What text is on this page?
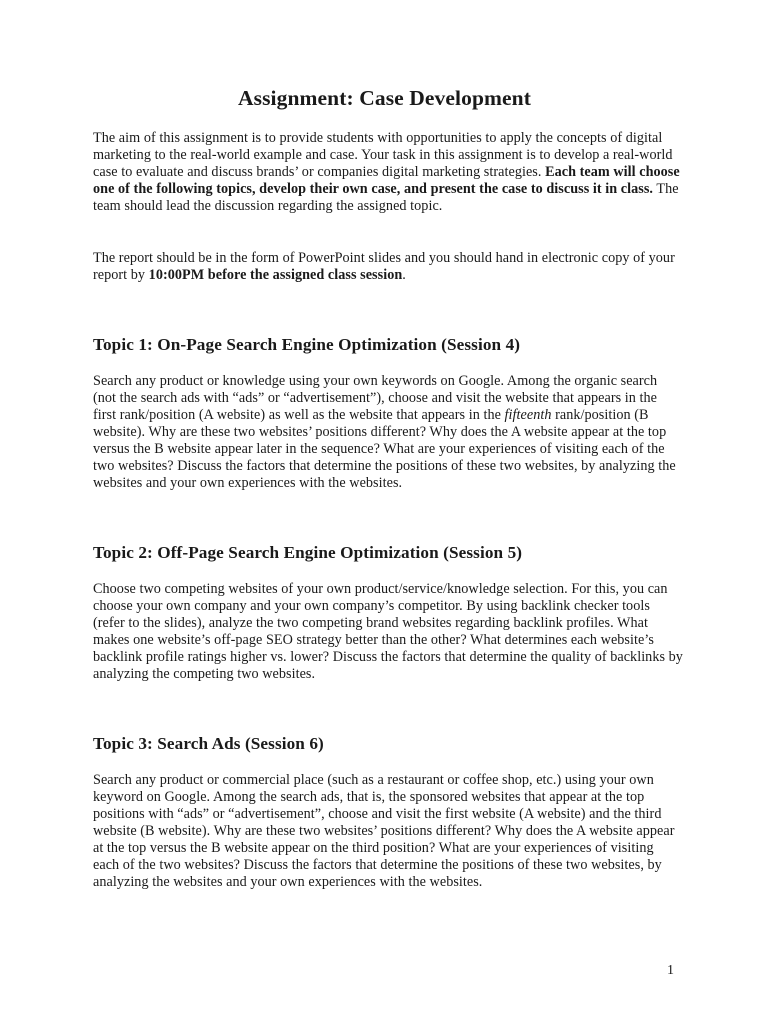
Assignment: Case Development

The aim of this assignment is to provide students with opportunities to apply the concepts of digital marketing to the real-world example and case. Your task in this assignment is to develop a real-world case to evaluate and discuss brands’ or companies digital marketing strategies. Each team will choose one of the following topics, develop their own case, and present the case to discuss it in class. The team should lead the discussion regarding the assigned topic.

The report should be in the form of PowerPoint slides and you should hand in electronic copy of your report by 10:00PM before the assigned class session.

Topic 1: On-Page Search Engine Optimization (Session 4)

Search any product or knowledge using your own keywords on Google. Among the organic search (not the search ads with “ads” or “advertisement”), choose and visit the website that appears in the first rank/position (A website) as well as the website that appears in the fifteenth rank/position (B website). Why are these two websites’ positions different? Why does the A website appear at the top versus the B website appear later in the sequence? What are your experiences of visiting each of the two websites? Discuss the factors that determine the positions of these two websites, by analyzing the websites and your own experiences with the websites.

Topic 2: Off-Page Search Engine Optimization (Session 5)

Choose two competing websites of your own product/service/knowledge selection. For this, you can choose your own company and your own company’s competitor. By using backlink checker tools (refer to the slides), analyze the two competing brand websites regarding backlink profiles. What makes one website’s off-page SEO strategy better than the other? What determines each website’s backlink profile ratings higher vs. lower? Discuss the factors that determine the quality of backlinks by analyzing the competing two websites.

Topic 3: Search Ads (Session 6)

Search any product or commercial place (such as a restaurant or coffee shop, etc.) using your own keyword on Google. Among the search ads, that is, the sponsored websites that appear at the top positions with “ads” or “advertisement”, choose and visit the first website (A website) and the third website (B website). Why are these two websites’ positions different? Why does the A website appear at the top versus the B website appear on the third position? What are your experiences of visiting each of the two websites? Discuss the factors that determine the positions of these two websites, by analyzing the websites and your own experiences with the websites.

1
